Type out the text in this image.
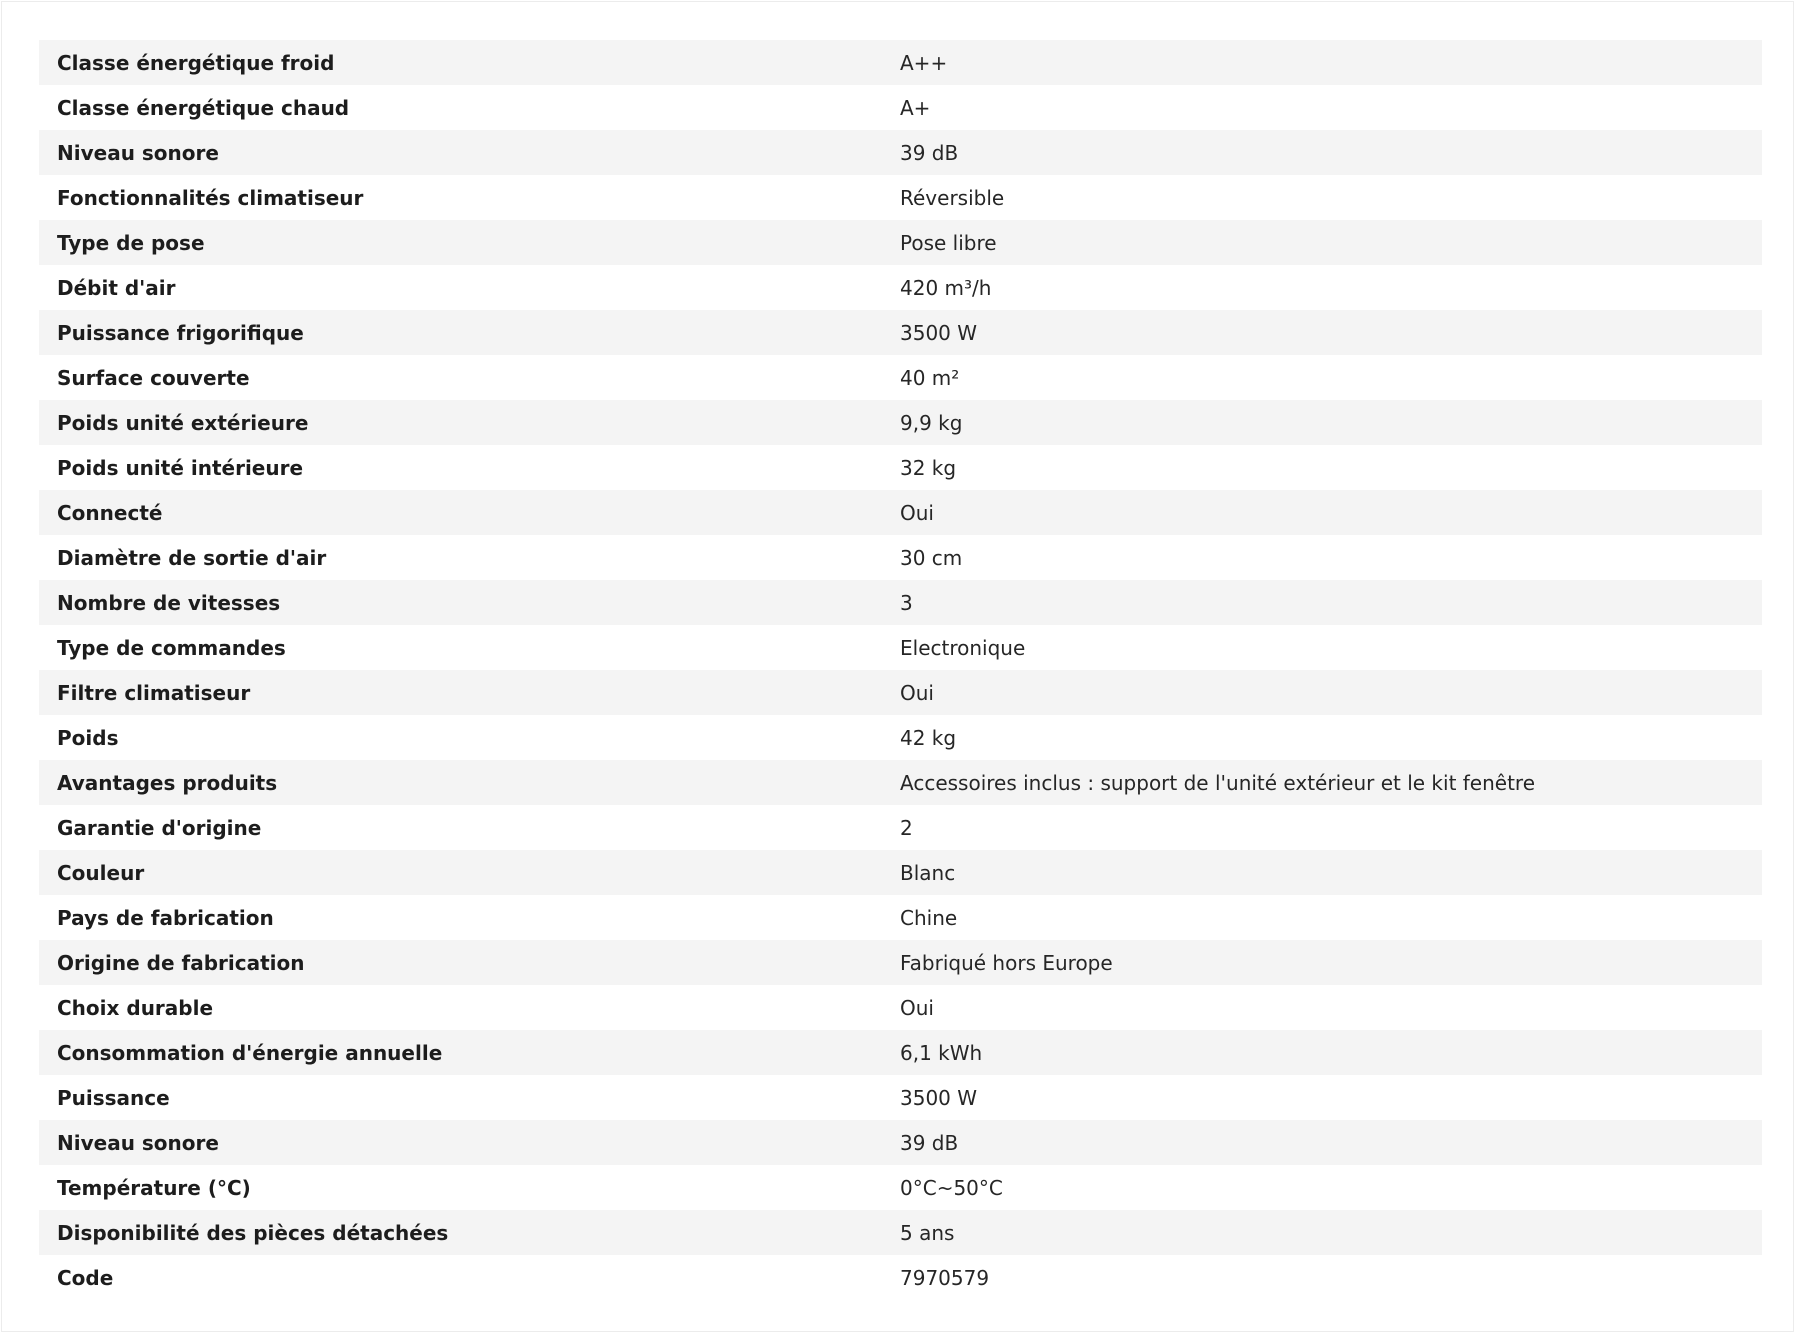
Classe énergétique froid	A++
Classe énergétique chaud	A+
Niveau sonore	39 dB
Fonctionnalités climatiseur	Réversible
Type de pose	Pose libre
Débit d'air	420 m³/h
Puissance frigorifique	3500 W
Surface couverte	40 m²
Poids unité extérieure	9,9 kg
Poids unité intérieure	32 kg
Connecté	Oui
Diamètre de sortie d'air	30 cm
Nombre de vitesses	3
Type de commandes	Electronique
Filtre climatiseur	Oui
Poids	42 kg
Avantages produits	Accessoires inclus : support de l'unité extérieur et le kit fenêtre
Garantie d'origine	2
Couleur	Blanc
Pays de fabrication	Chine
Origine de fabrication	Fabriqué hors Europe
Choix durable	Oui
Consommation d'énergie annuelle	6,1 kWh
Puissance	3500 W
Niveau sonore	39 dB
Température (°C)	0°C~50°C
Disponibilité des pièces détachées	5 ans
Code	7970579
